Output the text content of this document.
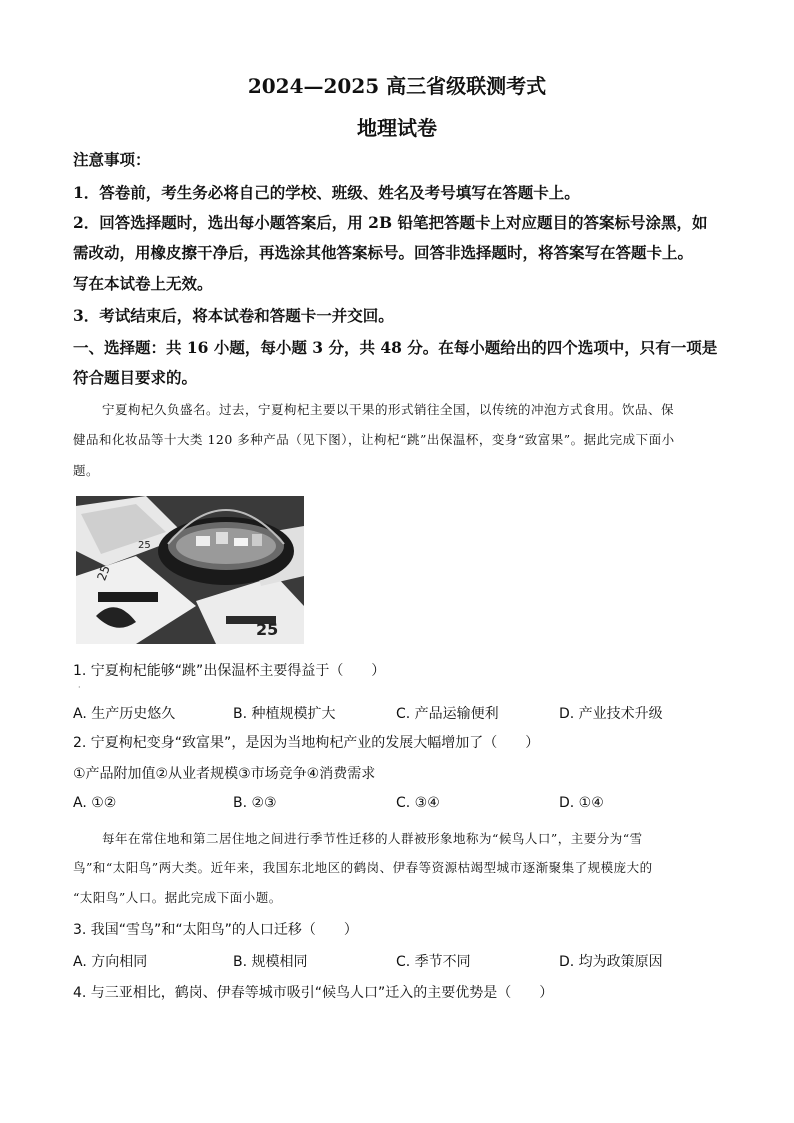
2024—2025 高三省级联测考式
地理试卷
注意事项：
1．答卷前，考生务必将自己的学校、班级、姓名及考号填写在答题卡上。
2．回答选择题时，选出每小题答案后，用 2B 铅笔把答题卡上对应题目的答案标号涂黑，如
需改动，用橡皮擦干净后，再选涂其他答案标号。回答非选择题时，将答案写在答题卡上。
写在本试卷上无效。
3．考试结束后，将本试卷和答题卡一并交回。
一、选择题：共 16 小题，每小题 3 分，共 48 分。在每小题给出的四个选项中，只有一项是
符合题目要求的。
宁夏枸杞久负盛名。过去，宁夏枸杞主要以干果的形式销往全国，以传统的冲泡方式食用。饮品、保
健品和化妆品等十大类 120 多种产品（见下图），让枸杞“跳”出保温杯，变身“致富果”。据此完成下面小
题。
25
25
25
1. 宁夏枸杞能够“跳”出保温杯主要得益于（　　）
·
A. 生产历史悠久	B. 种植规模扩大	C. 产品运输便利	D. 产业技术升级
2. 宁夏枸杞变身“致富果”，是因为当地枸杞产业的发展大幅增加了（　　）
①产品附加值②从业者规模③市场竞争④消费需求
A. ①②	B. ②③	C. ③④	D. ①④
每年在常住地和第二居住地之间进行季节性迁移的人群被形象地称为“候鸟人口”，主要分为“雪
鸟”和“太阳鸟”两大类。近年来，我国东北地区的鹤岗、伊春等资源枯竭型城市逐渐聚集了规模庞大的
“太阳鸟”人口。据此完成下面小题。
3. 我国“雪鸟”和“太阳鸟”的人口迁移（　　）
A. 方向相同	B. 规模相同	C. 季节不同	D. 均为政策原因
4. 与三亚相比，鹤岗、伊春等城市吸引“候鸟人口”迁入的主要优势是（　　）
